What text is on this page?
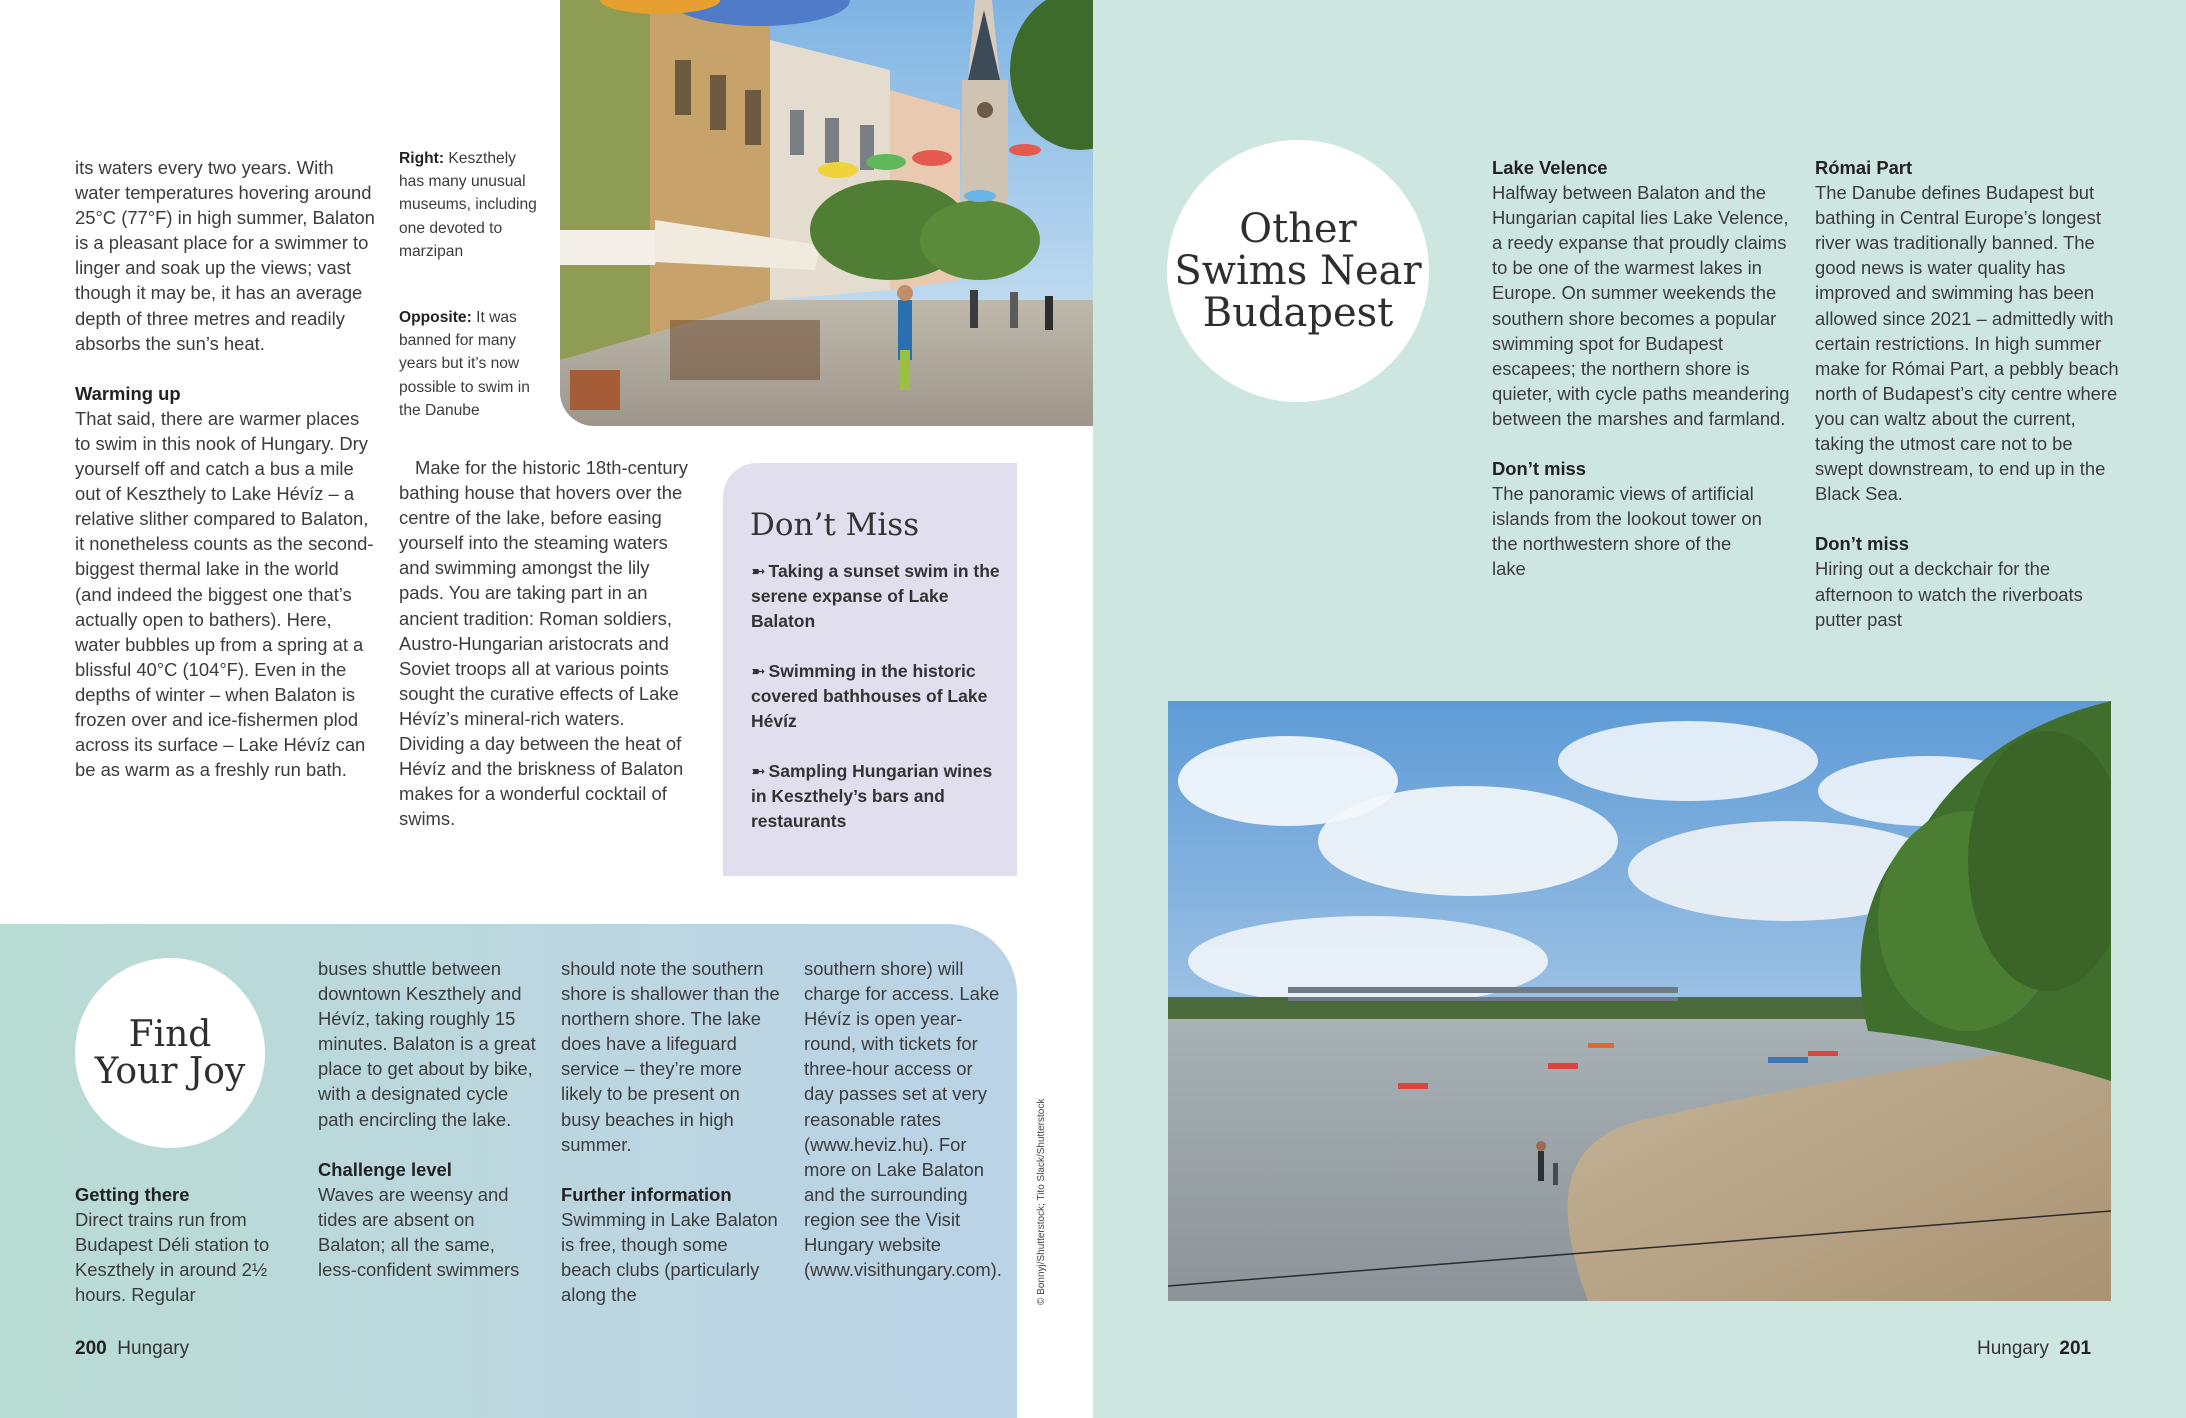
its waters every two years. With water temperatures hovering around 25°C (77°F) in high summer, Balaton is a pleasant place for a swimmer to linger and soak up the views; vast though it may be, it has an average depth of three metres and readily absorbs the sun’s heat.

Warming up

That said, there are warmer places to swim in this nook of Hungary. Dry yourself off and catch a bus a mile out of Keszthely to Lake Hévíz – a relative slither compared to Balaton, it nonetheless counts as the second-biggest thermal lake in the world (and indeed the biggest one that’s actually open to bathers). Here, water bubbles up from a spring at a blissful 40°C (104°F). Even in the depths of winter – when Balaton is frozen over and ice-fishermen plod across its surface – Lake Hévíz can be as warm as a freshly run bath.

Right: Keszthely has many unusual museums, including one devoted to marzipan
Opposite: It was banned for many years but it’s now possible to swim in the Danube

Make for the historic 18th-century bathing house that hovers over the centre of the lake, before easing yourself into the steaming waters and swimming amongst the lily pads. You are taking part in an ancient tradition: Roman soldiers, Austro-Hungarian aristocrats and Soviet troops all at various points sought the curative effects of Lake Hévíz’s mineral-rich waters. Dividing a day between the heat of Hévíz and the briskness of Balaton makes for a wonderful cocktail of swims.

Don’t Miss
➼ Taking a sunset swim in the serene expanse of Lake Balaton
➼ Swimming in the historic covered bathhouses of Lake Hévíz
➼ Sampling Hungarian wines in Keszthely’s bars and restaurants
Find
Your Joy
Getting there

Direct trains run from Budapest Déli station to Keszthely in around 2½ hours. Regular

buses shuttle between downtown Keszthely and Hévíz, taking roughly 15 minutes. Balaton is a great place to get about by bike, with a designated cycle path encircling the lake.

Challenge level

Waves are weensy and tides are absent on Balaton; all the same, less-confident swimmers

should note the southern shore is shallower than the northern shore. The lake does have a lifeguard service – they’re more likely to be present on busy beaches in high summer.

Further information

Swimming in Lake Balaton is free, though some beach clubs (particularly along the

southern shore) will charge for access. Lake Hévíz is open year-round, with tickets for three-hour access or day passes set at very reasonable rates (www.heviz.hu). For more on Lake Balaton and the surrounding region see the Visit Hungary website (www.visithungary.com).	© Bonnyj/Shutterstock; Tito Slack/Shutterstock
200 Hungary
Other
Swims Near
Budapest
Lake Velence

Halfway between Balaton and the Hungarian capital lies Lake Velence, a reedy expanse that proudly claims to be one of the warmest lakes in Europe. On summer weekends the southern shore becomes a popular swimming spot for Budapest escapees; the northern shore is quieter, with cycle paths meandering between the marshes and farmland.

Don’t miss

The panoramic views of artificial islands from the lookout tower on the northwestern shore of the lake

Római Part

The Danube defines Budapest but bathing in Central Europe’s longest river was traditionally banned. The good news is water quality has improved and swimming has been allowed since 2021 – admittedly with certain restrictions. In high summer make for Római Part, a pebbly beach north of Budapest’s city centre where you can waltz about the current, taking the utmost care not to be swept downstream, to end up in the Black Sea.

Don’t miss

Hiring out a deckchair for the afternoon to watch the riverboats putter past

Hungary 201
